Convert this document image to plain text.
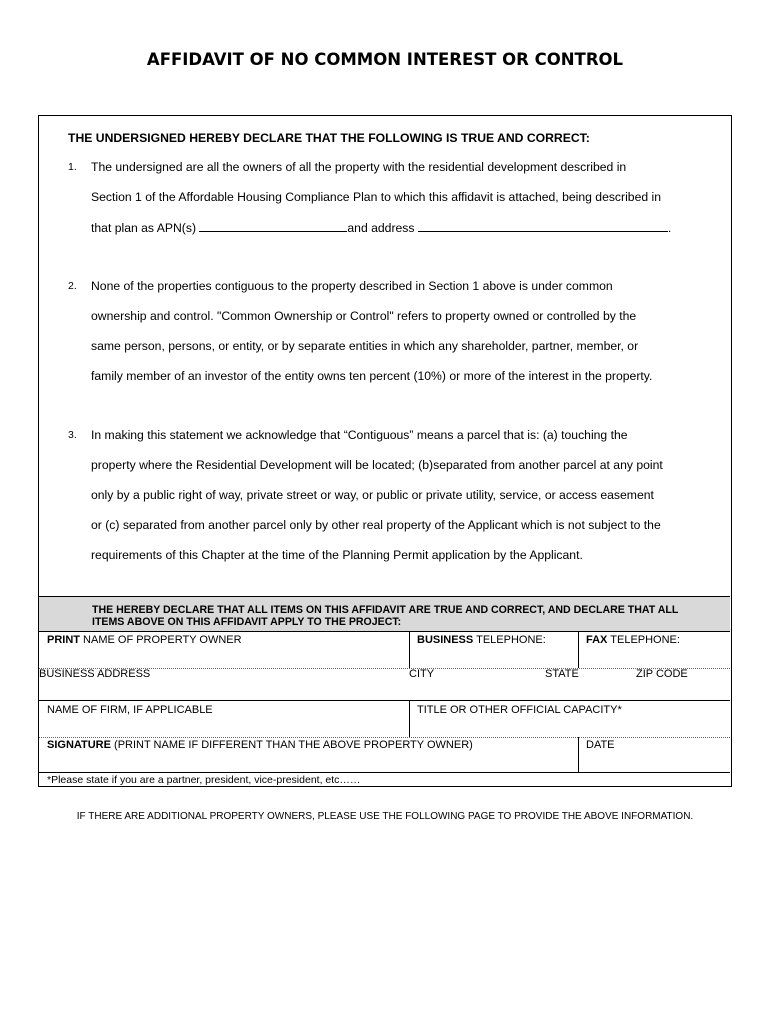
AFFIDAVIT OF NO COMMON INTEREST OR CONTROL
THE UNDERSIGNED HEREBY DECLARE THAT THE FOLLOWING IS TRUE AND CORRECT:
1. The undersigned are all the owners of all the property with the residential development described in
Section 1 of the Affordable Housing Compliance Plan to which this affidavit is attached, being described in
that plan as APN(s)	and address	.
2. None of the properties contiguous to the property described in Section 1 above is under common
ownership and control. "Common Ownership or Control" refers to property owned or controlled by the
same person, persons, or entity, or by separate entities in which any shareholder, partner, member, or
family member of an investor of the entity owns ten percent (10%) or more of the interest in the property.
3. In making this statement we acknowledge that “Contiguous” means a parcel that is: (a) touching the
property where the Residential Development will be located; (b)separated from another parcel at any point
only by a public right of way, private street or way, or public or private utility, service, or access easement
or (c) separated from another parcel only by other real property of the Applicant which is not subject to the
requirements of this Chapter at the time of the Planning Permit application by the Applicant.
THE HEREBY DECLARE THAT ALL ITEMS ON THIS AFFIDAVIT ARE TRUE AND CORRECT, AND DECLARE THAT ALL ITEMS ABOVE ON THIS AFFIDAVIT APPLY TO THE PROJECT:
PRINT NAME OF PROPERTY OWNER	BUSINESS TELEPHONE:	FAX TELEPHONE:
BUSINESS ADDRESS	CITY	STATE	ZIP CODE
NAME OF FIRM, IF APPLICABLE	TITLE OR OTHER OFFICIAL CAPACITY*
SIGNATURE (PRINT NAME IF DIFFERENT THAN THE ABOVE PROPERTY OWNER)	DATE
*Please state if you are a partner, president, vice-president, etc……
IF THERE ARE ADDITIONAL PROPERTY OWNERS, PLEASE USE THE FOLLOWING PAGE TO PROVIDE THE ABOVE INFORMATION.
